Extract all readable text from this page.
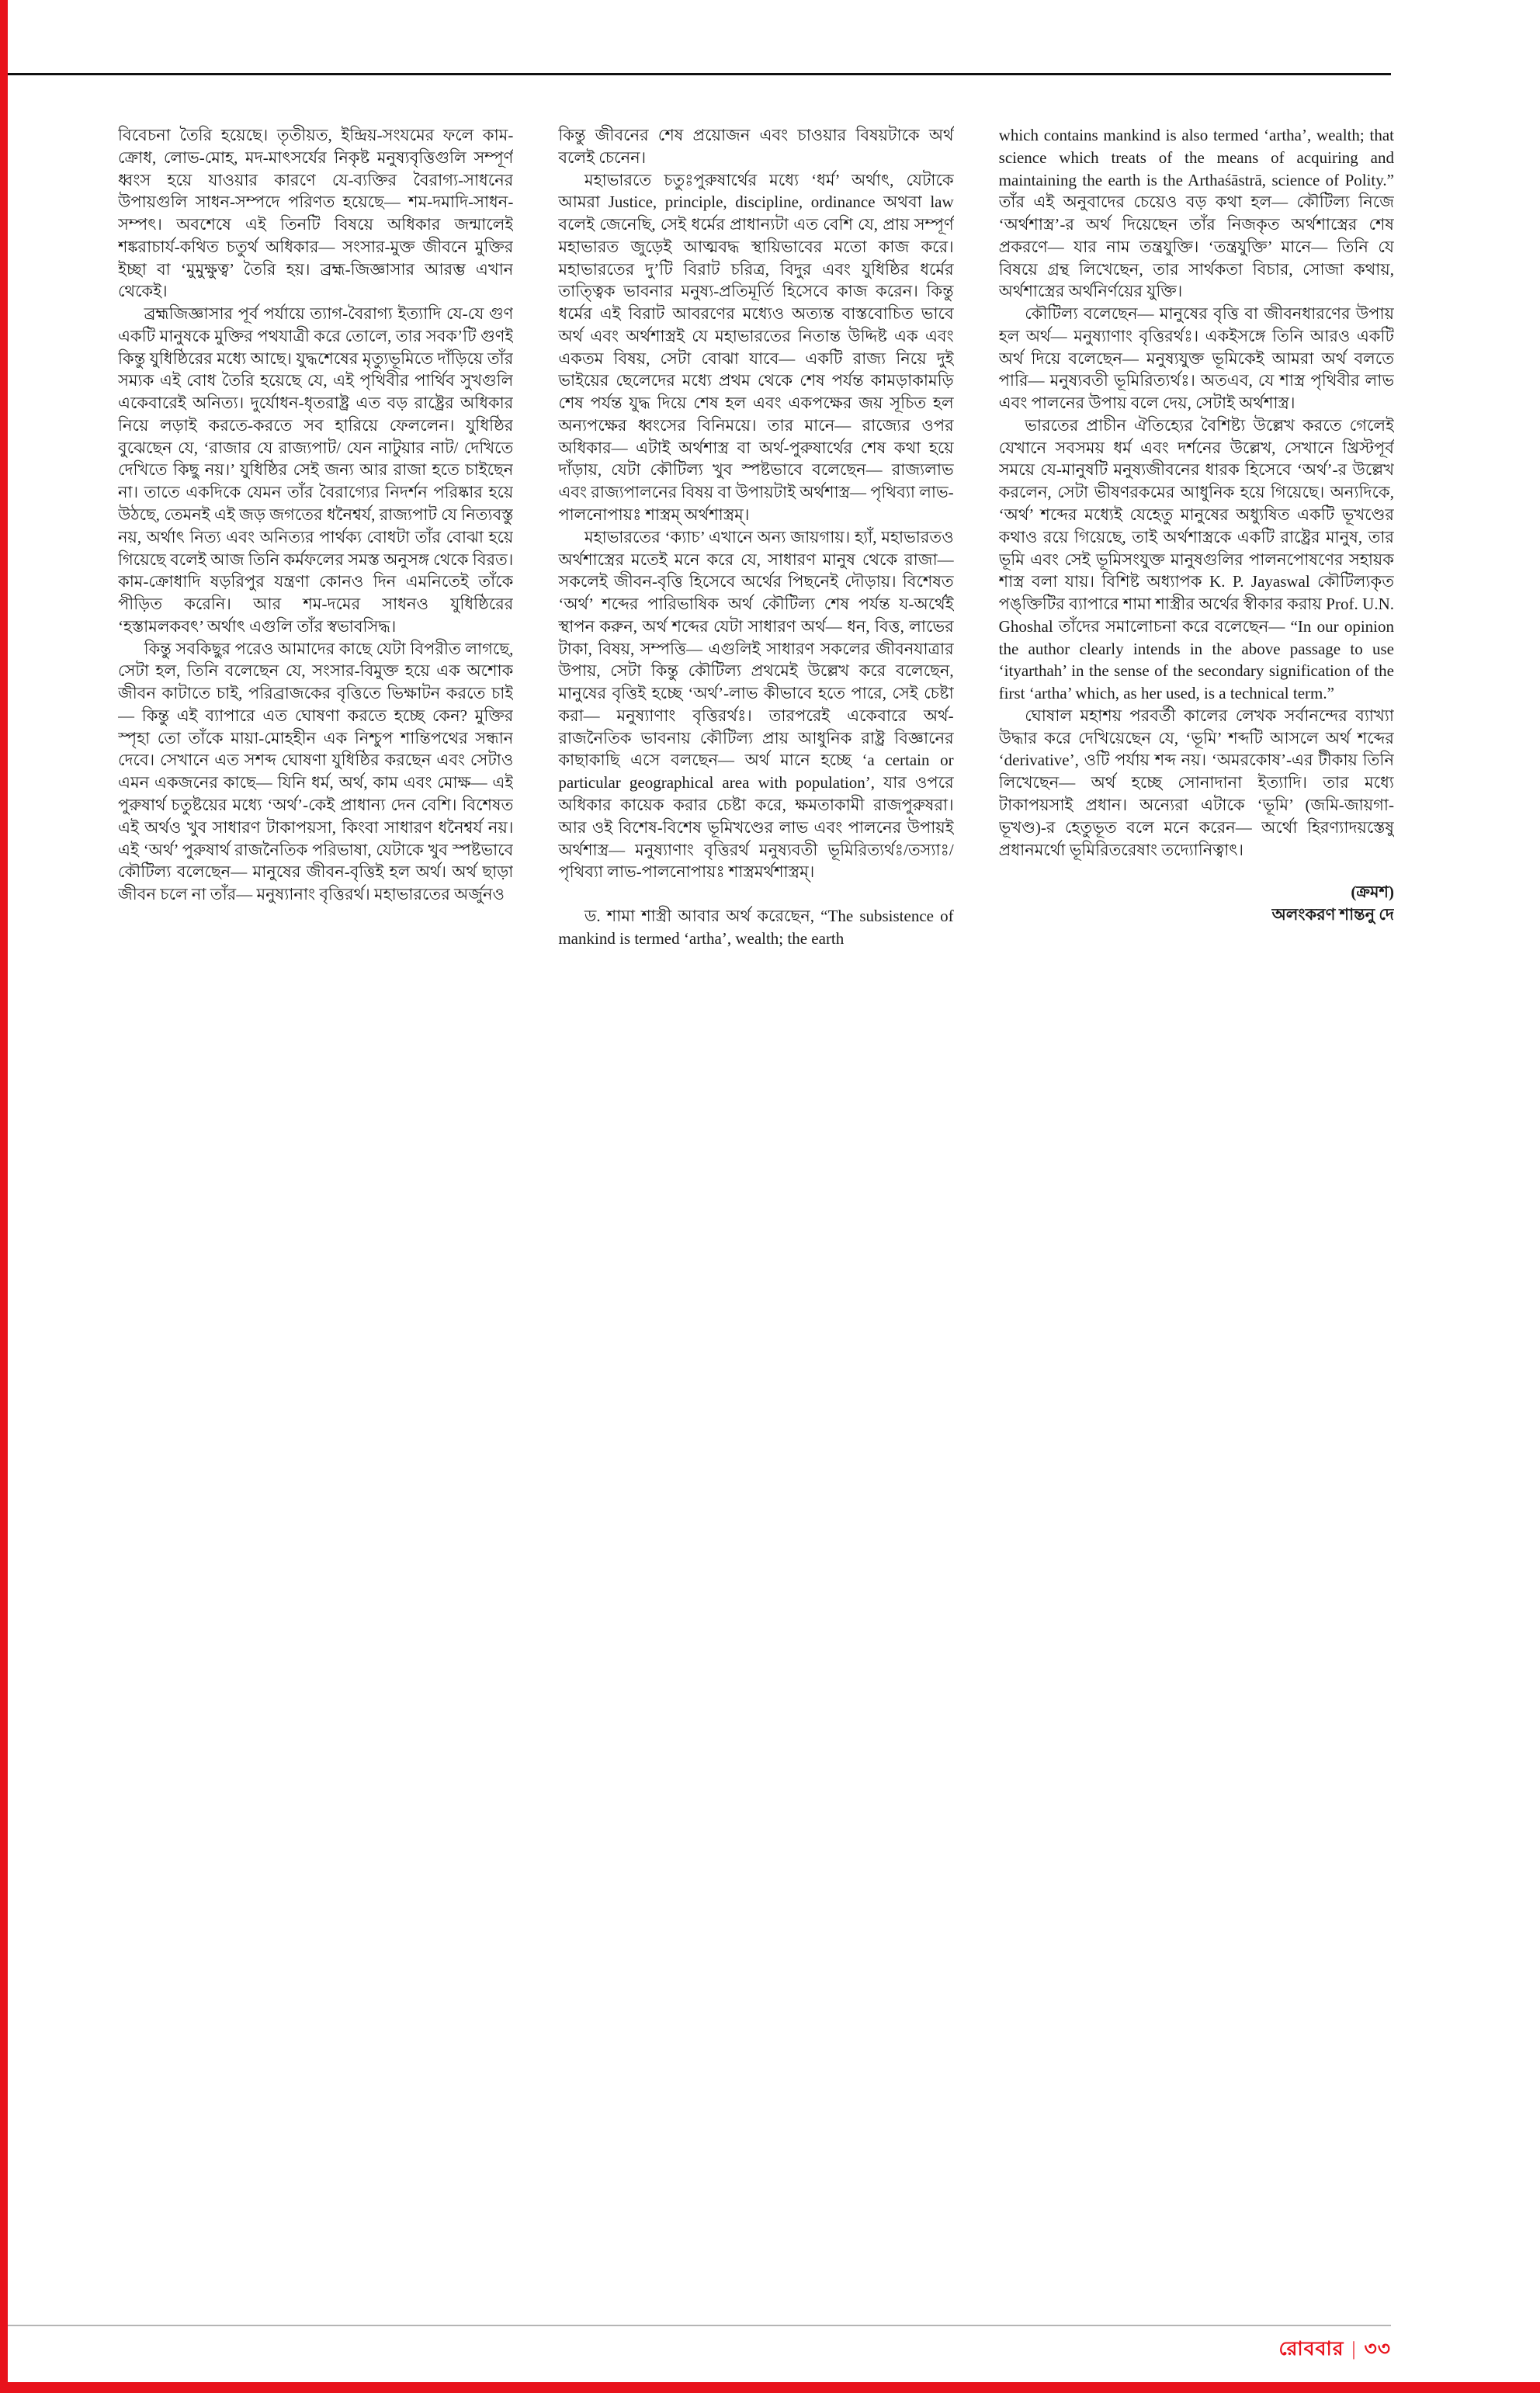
বিবেচনা তৈরি হয়েছে। তৃতীয়ত, ইন্দ্রিয়-সংযমের ফলে কাম-ক্রোধ, লোভ-মোহ, মদ-মাৎসর্যের নিকৃষ্ট মনুষ্যবৃত্তিগুলি সম্পূর্ণ ধ্বংস হয়ে যাওয়ার কারণে যে-ব্যক্তির বৈরাগ্য-সাধনের উপায়গুলি সাধন-সম্পদে পরিণত হয়েছে— শম-দমাদি-সাধন-সম্পৎ। অবশেষে এই তিনটি বিষয়ে অধিকার জন্মালেই শঙ্করাচার্য-কথিত চতুর্থ অধিকার— সংসার-মুক্ত জীবনে মুক্তির ইচ্ছা বা ‘মুমুক্ষুত্ব’ তৈরি হয়। ব্রহ্ম-জিজ্ঞাসার আরম্ভ এখান থেকেই।

ব্রহ্মজিজ্ঞাসার পূর্ব পর্যায়ে ত্যাগ-বৈরাগ্য ইত্যাদি যে-যে গুণ একটি মানুষকে মুক্তির পথযাত্রী করে তোলে, তার সবক’টি গুণই কিন্তু যুধিষ্ঠিরের মধ্যে আছে। যুদ্ধশেষের মৃত্যুভূমিতে দাঁড়িয়ে তাঁর সম্যক এই বোধ তৈরি হয়েছে যে, এই পৃথিবীর পার্থিব সুখগুলি একেবারেই অনিত্য। দুর্যোধন-ধৃতরাষ্ট্র এত বড় রাষ্ট্রের অধিকার নিয়ে লড়াই করতে-করতে সব হারিয়ে ফেললেন। যুধিষ্ঠির বুঝেছেন যে, ‘রাজার যে রাজ্যপাট/ যেন নাটুয়ার নাট/ দেখিতে দেখিতে কিছু নয়।’ যুধিষ্ঠির সেই জন্য আর রাজা হতে চাইছেন না। তাতে একদিকে যেমন তাঁর বৈরাগ্যের নিদর্শন পরিষ্কার হয়ে উঠছে, তেমনই এই জড় জগতের ধনৈশ্বর্য, রাজ্যপাট যে নিত্যবস্তু নয়, অর্থাৎ নিত্য এবং অনিত্যর পার্থক্য বোধটা তাঁর বোঝা হয়ে গিয়েছে বলেই আজ তিনি কর্মফলের সমস্ত অনুসঙ্গ থেকে বিরত। কাম-ক্রোধাদি ষড়রিপুর যন্ত্রণা কোনও দিন এমনিতেই তাঁকে পীড়িত করেনি। আর শম-দমের সাধনও যুধিষ্ঠিরের ‘হস্তামলকবৎ’ অর্থাৎ এগুলি তাঁর স্বভাবসিদ্ধ।

কিন্তু সবকিছুর পরেও আমাদের কাছে যেটা বিপরীত লাগছে, সেটা হল, তিনি বলেছেন যে, সংসার-বিমুক্ত হয়ে এক অশোক জীবন কাটাতে চাই, পরিব্রাজকের বৃত্তিতে ভিক্ষাটন করতে চাই— কিন্তু এই ব্যাপারে এত ঘোষণা করতে হচ্ছে কেন? মুক্তির স্পৃহা তো তাঁকে মায়া-মোহহীন এক নিশ্চুপ শান্তিপথের সন্ধান দেবে। সেখানে এত সশব্দ ঘোষণা যুধিষ্ঠির করছেন এবং সেটাও এমন একজনের কাছে— যিনি ধর্ম, অর্থ, কাম এবং মোক্ষ— এই পুরুষার্থ চতুষ্টয়ের মধ্যে ‘অর্থ’-কেই প্রাধান্য দেন বেশি। বিশেষত এই অর্থও খুব সাধারণ টাকাপয়সা, কিংবা সাধারণ ধনৈশ্বর্য নয়। এই ‘অর্থ’ পুরুষার্থ রাজনৈতিক পরিভাষা, যেটাকে খুব স্পষ্টভাবে কৌটিল্য বলেছেন— মানুষের জীবন-বৃত্তিই হল অর্থ। অর্থ ছাড়া জীবন চলে না তাঁর— মনুষ্যানাং বৃত্তিরর্থ। মহাভারতের অর্জুনও

কিন্তু জীবনের শেষ প্রয়োজন এবং চাওয়ার বিষয়টাকে অর্থ বলেই চেনেন।

মহাভারতে চতুঃপুরুষার্থের মধ্যে ‘ধর্ম’ অর্থাৎ, যেটাকে আমরা Justice, principle, discipline, ordinance অথবা law বলেই জেনেছি, সেই ধর্মের প্রাধান্যটা এত বেশি যে, প্রায় সম্পূর্ণ মহাভারত জুড়েই আত্মবদ্ধ স্থায়িভাবের মতো কাজ করে। মহাভারতের দু’টি বিরাট চরিত্র, বিদুর এবং যুধিষ্ঠির ধর্মের তাত্ত্বিক ভাবনার মনুষ্য-প্রতিমূর্তি হিসেবে কাজ করেন। কিন্তু ধর্মের এই বিরাট আবরণের মধ্যেও অত্যন্ত বাস্তবোচিত ভাবে অর্থ এবং অর্থশাস্ত্রই যে মহাভারতের নিতান্ত উদ্দিষ্ট এক এবং একতম বিষয়, সেটা বোঝা যাবে— একটি রাজ্য নিয়ে দুই ভাইয়ের ছেলেদের মধ্যে প্রথম থেকে শেষ পর্যন্ত কামড়াকামড়ি শেষ পর্যন্ত যুদ্ধ দিয়ে শেষ হল এবং একপক্ষের জয় সূচিত হল অন্যপক্ষের ধ্বংসের বিনিময়ে। তার মানে— রাজ্যের ওপর অধিকার— এটাই অর্থশাস্ত্র বা অর্থ-পুরুষার্থের শেষ কথা হয়ে দাঁড়ায়, যেটা কৌটিল্য খুব স্পষ্টভাবে বলেছেন— রাজ্যলাভ এবং রাজ্যপালনের বিষয় বা উপায়টাই অর্থশাস্ত্র— পৃথিব্যা লাভ-পালনোপায়ঃ শাস্ত্রম্ অর্থশাস্ত্রম্।

মহাভারতের ‘ক্যাচ’ এখানে অন্য জায়গায়। হ্যাঁ, মহাভারতও অর্থশাস্ত্রের মতেই মনে করে যে, সাধারণ মানুষ থেকে রাজা— সকলেই জীবন-বৃত্তি হিসেবে অর্থের পিছনেই দৌড়ায়। বিশেষত ‘অর্থ’ শব্দের পারিভাষিক অর্থ কৌটিল্য শেষ পর্যন্ত য-অর্থেই স্থাপন করুন, অর্থ শব্দের যেটা সাধারণ অর্থ— ধন, বিত্ত, লাভের টাকা, বিষয়, সম্পত্তি— এগুলিই সাধারণ সকলের জীবনযাত্রার উপায়, সেটা কিন্তু কৌটিল্য প্রথমেই উল্লেখ করে বলেছেন, মানুষের বৃত্তিই হচ্ছে ‘অর্থ’-লাভ কীভাবে হতে পারে, সেই চেষ্টা করা— মনুষ্যাণাং বৃত্তিরর্থঃ। তারপরেই একেবারে অর্থ-রাজনৈতিক ভাবনায় কৌটিল্য প্রায় আধুনিক রাষ্ট্র বিজ্ঞানের কাছাকাছি এসে বলছেন— অর্থ মানে হচ্ছে ‘a certain or particular geographical area with population’, যার ওপরে অধিকার কায়েক করার চেষ্টা করে, ক্ষমতাকামী রাজপুরুষরা। আর ওই বিশেষ-বিশেষ ভূমিখণ্ডের লাভ এবং পালনের উপায়ই অর্থশাস্ত্র— মনুষ্যাণাং বৃত্তিরর্থ মনুষ্যবতী ভূমিরিত্যর্থঃ/তস্যাঃ/ পৃথিব্যা লাভ-পালনোপায়ঃ শাস্ত্রমর্থশাস্ত্রম্।

ড. শামা শাস্ত্রী আবার অর্থ করেছেন, “The subsistence of mankind is termed ‘artha’, wealth; the earth

which contains mankind is also termed ‘artha’, wealth; that science which treats of the means of acquiring and maintaining the earth is the Arthaśāstrā, science of Polity.” তাঁর এই অনুবাদের চেয়েও বড় কথা হল— কৌটিল্য নিজে ‘অর্থশাস্ত্র’-র অর্থ দিয়েছেন তাঁর নিজকৃত অর্থশাস্ত্রের শেষ প্রকরণে— যার নাম তন্ত্রযুক্তি। ‘তন্ত্রযুক্তি’ মানে— তিনি যে বিষয়ে গ্রন্থ লিখেছেন, তার সার্থকতা বিচার, সোজা কথায়, অর্থশাস্ত্রের অর্থনির্ণয়ের যুক্তি।

কৌটিল্য বলেছেন— মানুষের বৃত্তি বা জীবনধারণের উপায় হল অর্থ— মনুষ্যাণাং বৃত্তিরর্থঃ। একইসঙ্গে তিনি আরও একটি অর্থ দিয়ে বলেছেন— মনুষ্যযুক্ত ভূমিকেই আমরা অর্থ বলতে পারি— মনুষ্যবতী ভূমিরিত্যর্থঃ। অতএব, যে শাস্ত্র পৃথিবীর লাভ এবং পালনের উপায় বলে দেয়, সেটাই অর্থশাস্ত্র।

ভারতের প্রাচীন ঐতিহ্যের বৈশিষ্ট্য উল্লেখ করতে গেলেই যেখানে সবসময় ধর্ম এবং দর্শনের উল্লেখ, সেখানে খ্রিস্টপূর্ব সময়ে যে-মানুষটি মনুষ্যজীবনের ধারক হিসেবে ‘অর্থ’-র উল্লেখ করলেন, সেটা ভীষণরকমের আধুনিক হয়ে গিয়েছে। অন্যদিকে, ‘অর্থ’ শব্দের মধ্যেই যেহেতু মানুষের অধ্যুষিত একটি ভূখণ্ডের কথাও রয়ে গিয়েছে, তাই অর্থশাস্ত্রকে একটি রাষ্ট্রের মানুষ, তার ভূমি এবং সেই ভূমিসংযুক্ত মানুষগুলির পালনপোষণের সহায়ক শাস্ত্র বলা যায়। বিশিষ্ট অধ্যাপক K. P. Jayaswal কৌটিল্যকৃত পঙ্‌ক্তিটির ব্যাপারে শামা শাস্ত্রীর অর্থের স্বীকার করায় Prof. U.N. Ghoshal তাঁদের সমালোচনা করে বলেছেন— “In our opinion the author clearly intends in the above passage to use ‘ityarthah’ in the sense of the secondary signification of the first ‘artha’ which, as her used, is a technical term.”

ঘোষাল মহাশয় পরবর্তী কালের লেখক সর্বানন্দের ব্যাখ্যা উদ্ধার করে দেখিয়েছেন যে, ‘ভূমি’ শব্দটি আসলে অর্থ শব্দের ‘derivative’, ওটি পর্যায় শব্দ নয়। ‘অমরকোষ’-এর টীকায় তিনি লিখেছেন— অর্থ হচ্ছে সোনাদানা ইত্যাদি। তার মধ্যে টাকাপয়সাই প্রধান। অন্যেরা এটাকে ‘ভূমি’ (জমি-জায়গা-ভূখণ্ড)-র হেতুভূত বলে মনে করেন— অর্থো হিরণ্যাদয়স্তেষু প্রধানমর্থো ভূমিরিতরেষাং তদ্যোনিত্বাৎ।

(ক্রমশ)
অলংকরণ শান্তনু দে
রোববার | ৩৩
